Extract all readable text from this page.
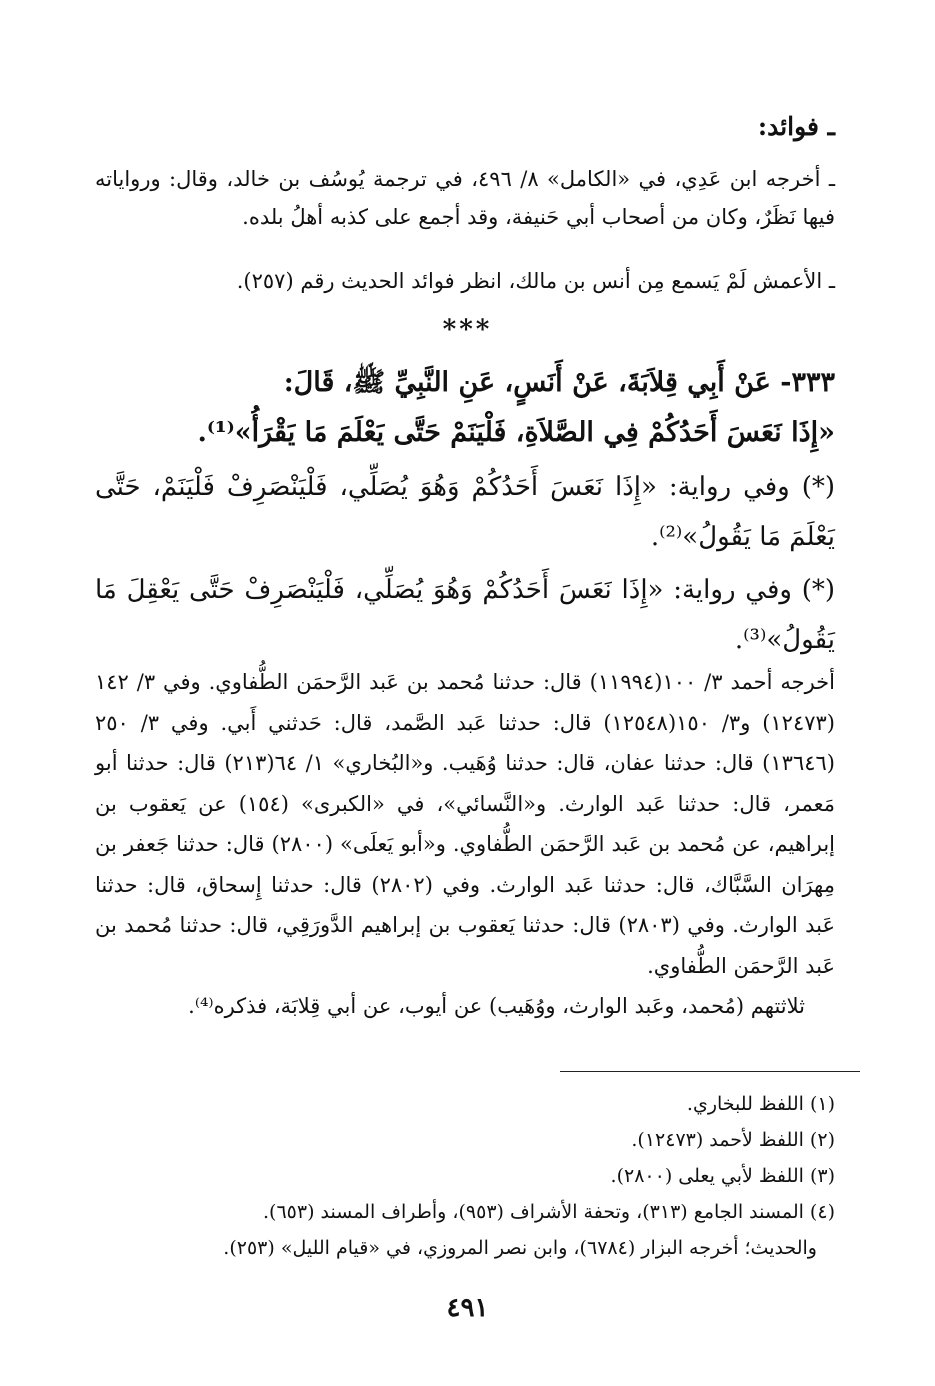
ـ فوائد:
ـ أخرجه ابن عَدِي، في «الكامل» ٨/ ٤٩٦، في ترجمة يُوسُف بن خالد، وقال: ورواياته فيها نَظَرٌ، وكان من أصحاب أبي حَنيفة، وقد أجمع على كذبه أهلُ بلده.
ـ الأعمش لَمْ يَسمع مِن أنس بن مالك، انظر فوائد الحديث رقم (٢٥٧).
***
٣٣٣- عَنْ أَبِي قِلاَبَةَ، عَنْ أَنَسٍ، عَنِ النَّبِيِّ ﷺ، قَالَ:
«إِذَا نَعَسَ أَحَدُكُمْ فِي الصَّلاَةِ، فَلْيَنَمْ حَتَّى يَعْلَمَ مَا يَقْرَأُ»⁽¹⁾.
(*) وفي رواية: «إِذَا نَعَسَ أَحَدُكُمْ وَهُوَ يُصَلِّي، فَلْيَنْصَرِفْ فَلْيَنَمْ، حَتَّى يَعْلَمَ مَا يَقُولُ»⁽²⁾.
(*) وفي رواية: «إِذَا نَعَسَ أَحَدُكُمْ وَهُوَ يُصَلِّي، فَلْيَنْصَرِفْ حَتَّى يَعْقِلَ مَا يَقُولُ»⁽³⁾.

أخرجه أحمد ٣/ ١٠٠(١١٩٩٤) قال: حدثنا مُحمد بن عَبد الرَّحمَن الطُّفاوي. وفي ٣/ ١٤٢ (١٢٤٧٣) و٣/ ١٥٠(١٢٥٤٨) قال: حدثنا عَبد الصَّمد، قال: حَدثني أَبي. وفي ٣/ ٢٥٠ (١٣٦٤٦) قال: حدثنا عفان، قال: حدثنا وُهَيب. و«البُخاري» ١/ ٦٤(٢١٣) قال: حدثنا أبو مَعمر، قال: حدثنا عَبد الوارث. و«النَّسائي»، في «الكبرى» (١٥٤) عن يَعقوب بن إبراهيم، عن مُحمد بن عَبد الرَّحمَن الطُّفاوي. و«أبو يَعلَى» (٢٨٠٠) قال: حدثنا جَعفر بن مِهرَان السَّبَّاك، قال: حدثنا عَبد الوارث. وفي (٢٨٠٢) قال: حدثنا إِسحاق، قال: حدثنا عَبد الوارث. وفي (٢٨٠٣) قال: حدثنا يَعقوب بن إبراهيم الدَّورَقِي، قال: حدثنا مُحمد بن عَبد الرَّحمَن الطُّفاوي.

ثلاثتهم (مُحمد، وعَبد الوارث، ووُهَيب) عن أيوب، عن أبي قِلابَة، فذكره⁽⁴⁾.

(١) اللفظ للبخاري.
(٢) اللفظ لأحمد (١٢٤٧٣).
(٣) اللفظ لأبي يعلى (٢٨٠٠).
(٤) المسند الجامع (٣١٣)، وتحفة الأشراف (٩٥٣)، وأطراف المسند (٦٥٣).
والحديث؛ أخرجه البزار (٦٧٨٤)، وابن نصر المروزي، في «قيام الليل» (٢٥٣).
٤٩١
